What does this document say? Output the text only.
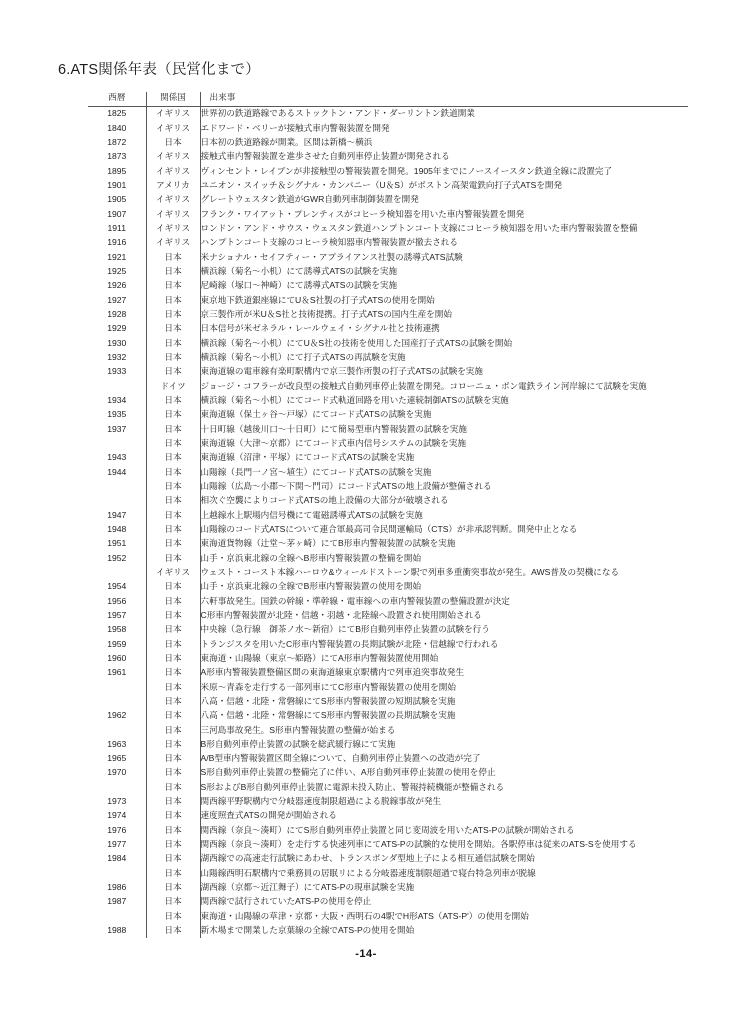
6.ATS関係年表（民営化まで）
西暦	関係国	出来事
1825	イギリス	世界初の鉄道路線であるストックトン・アンド・ダーリントン鉄道開業
1840	イギリス	エドワード・ベリーが接触式車内警報装置を開発
1872	日本	日本初の鉄道路線が開業。区間は新橋〜横浜
1873	イギリス	接触式車内警報装置を進歩させた自動列車停止装置が開発される
1895	イギリス	ヴィンセント・レイブンが非接触型の警報装置を開発。1905年までにノースイースタン鉄道全線に設置完了
1901	アメリカ	ユニオン・スイッチ＆シグナル・カンパニー（U＆S）がボストン高架電鉄向打子式ATSを開発
1905	イギリス	グレートウェスタン鉄道がGWR自動列車制御装置を開発
1907	イギリス	フランク・ワイアット・プレンティスがコヒーラ検知器を用いた車内警報装置を開発
1911	イギリス	ロンドン・アンド・サウス・ウェスタン鉄道ハンプトンコート支線にコヒーラ検知器を用いた車内警報装置を整備
1916	イギリス	ハンプトンコート支線のコヒーラ検知器車内警報装置が撤去される
1921	日本	米ナショナル・セイフティー・アプライアンス社製の誘導式ATS試験
1925	日本	横浜線（菊名〜小机）にて誘導式ATSの試験を実施
1926	日本	尼崎線（塚口〜神崎）にて誘導式ATSの試験を実施
1927	日本	東京地下鉄道銀座線にてU＆S社製の打子式ATSの使用を開始
1928	日本	京三製作所が米U＆S社と技術提携。打子式ATSの国内生産を開始
1929	日本	日本信号が米ゼネラル・レールウェイ・シグナル社と技術連携
1930	日本	横浜線（菊名〜小机）にてU＆S社の技術を使用した国産打子式ATSの試験を開始
1932	日本	横浜線（菊名〜小机）にて打子式ATSの再試験を実施
1933	日本	東海道線の電車線有楽町駅構内で京三製作所製の打子式ATSの試験を実施
	ドイツ	ジョージ・コフラーが改良型の接触式自動列車停止装置を開発。コローニュ・ボン電鉄ライン河岸線にて試験を実施
1934	日本	横浜線（菊名〜小机）にてコード式軌道回路を用いた連続制御ATSの試験を実施
1935	日本	東海道線（保土ヶ谷〜戸塚）にてコード式ATSの試験を実施
1937	日本	十日町線（越後川口〜十日町）にて簡易型車内警報装置の試験を実施
	日本	東海道線（大津〜京都）にてコード式車内信号システムの試験を実施
1943	日本	東海道線（沼津・平塚）にてコード式ATSの試験を実施
1944	日本	山陽線（長門一ノ宮〜埴生）にてコード式ATSの試験を実施
	日本	山陽線（広島〜小郡〜下関〜門司）にコード式ATSの地上設備が整備される
	日本	相次ぐ空襲によりコード式ATSの地上設備の大部分が破壊される
1947	日本	上越線水上駅場内信号機にて電磁誘導式ATSの試験を実施
1948	日本	山陽線のコード式ATSについて連合軍最高司令民間運輸局（CTS）が非承認判断。開発中止となる
1951	日本	東海道貨物線（辻堂〜茅ヶ崎）にてB形車内警報装置の試験を実施
1952	日本	山手・京浜東北線の全線へB形車内警報装置の整備を開始
	イギリス	ウェスト・コースト本線ハーロウ&ウィールドストーン駅で列車多重衝突事故が発生。AWS普及の契機になる
1954	日本	山手・京浜東北線の全線でB形車内警報装置の使用を開始
1956	日本	六軒事故発生。国鉄の幹線・準幹線・電車線への車内警報装置の整備設置が決定
1957	日本	C形車内警報装置が北陸・信越・羽越・北陸線へ設置され使用開始される
1958	日本	中央線（急行線　御茶ノ水〜新宿）にてB形自動列車停止装置の試験を行う
1959	日本	トランジスタを用いたC形車内警報装置の長期試験が北陸・信越線で行われる
1960	日本	東海道・山陽線（東京〜姫路）にてA形車内警報装置使用開始
1961	日本	A形車内警報装置整備区間の東海道線東京駅構内で列車追突事故発生
	日本	米原〜青森を走行する一部列車にてC形車内警報装置の使用を開始
	日本	八高・信越・北陸・常磐線にてS形車内警報装置の短期試験を実施
1962	日本	八高・信越・北陸・常磐線にてS形車内警報装置の長期試験を実施
	日本	三河島事故発生。S形車内警報装置の整備が始まる
1963	日本	B形自動列車停止装置の試験を総武緩行線にて実施
1965	日本	A/B型車内警報装置区間全線について、自動列車停止装置への改造が完了
1970	日本	S形自動列車停止装置の整備完了に伴い、A形自動列車停止装置の使用を停止
	日本	S形およびB形自動列車停止装置に電源未投入防止、警報持続機能が整備される
1973	日本	関西線平野駅構内で分岐器速度制限超過による脱線事故が発生
1974	日本	速度照査式ATSの開発が開始される
1976	日本	関西線（奈良〜湊町）にてS形自動列車停止装置と同じ変周波を用いたATS-Pの試験が開始される
1977	日本	関西線（奈良〜湊町）を走行する快速列車にてATS-Pの試験的な使用を開始。各駅停車は従来のATS-Sを使用する
1984	日本	湖西線での高速走行試験にあわせ、トランスポンダ型地上子による相互通信試験を開始
	日本	山陽線西明石駅構内で乗務員の居眠リによる分岐器速度制限超過で寝台特急列車が脱線
1986	日本	湖西線（京都〜近江舞子）にてATS-Pの現車試験を実施
1987	日本	関西線で試行されていたATS-Pの使用を停止
	日本	東海道・山陽線の草津・京都・大阪・西明石の4駅でH形ATS（ATS-P'）の使用を開始
1988	日本	新木場まで開業した京葉線の全線でATS-Pの使用を開始
-14-
